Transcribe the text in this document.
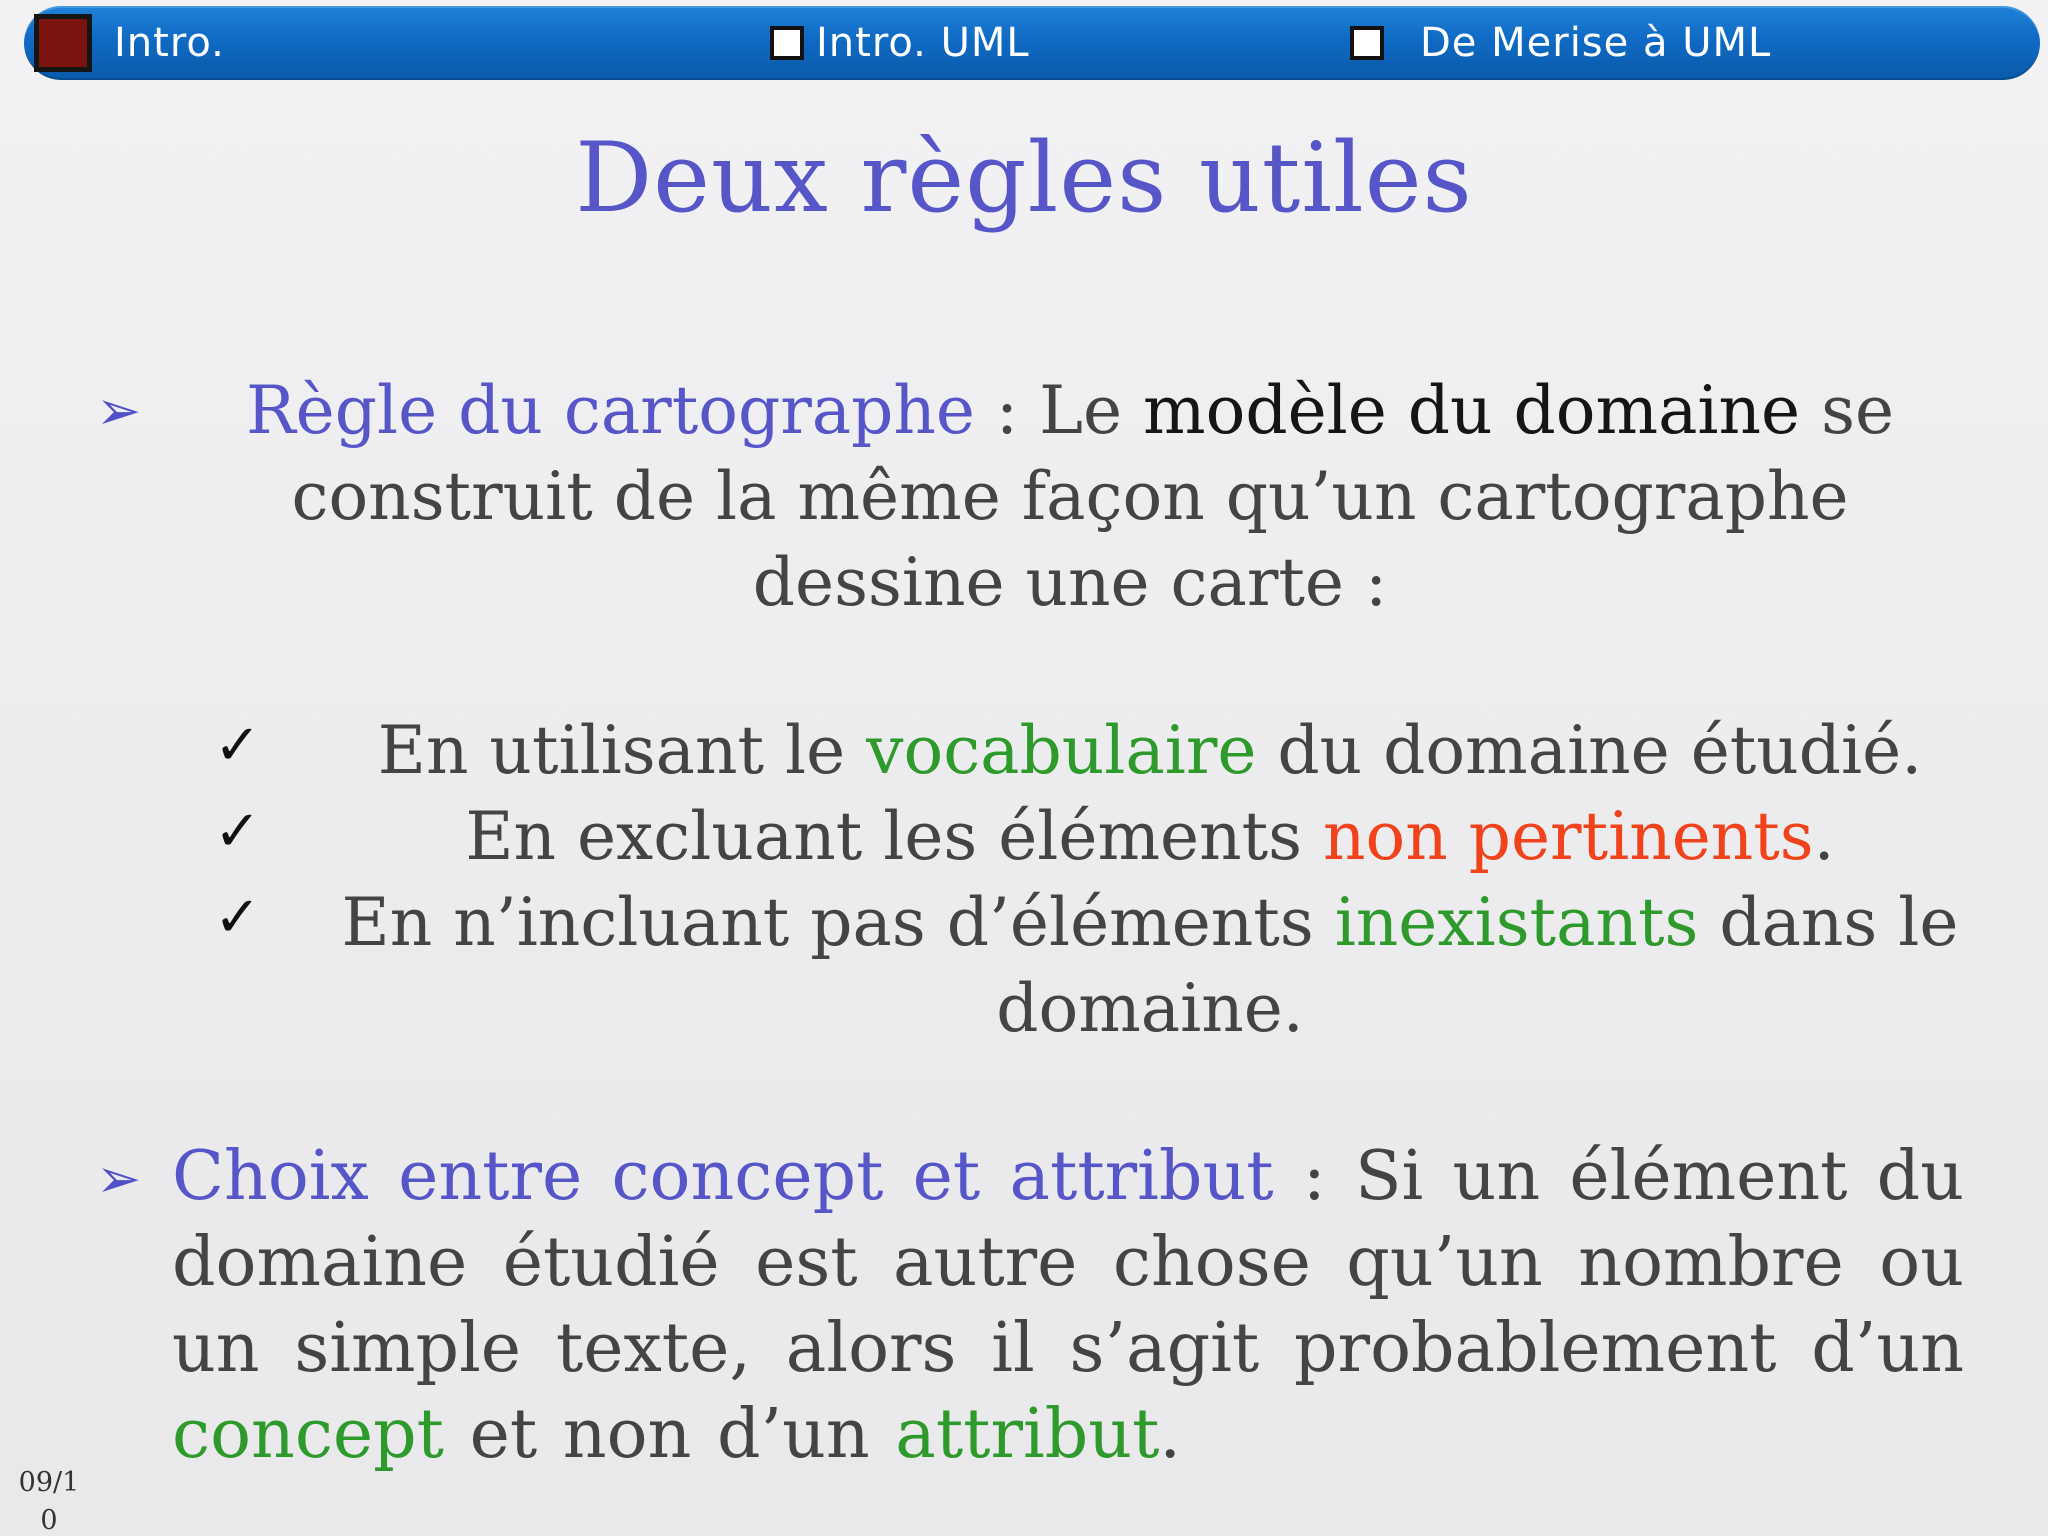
Intro.	Intro. UML	De Merise à UML
Deux règles utiles
➢	Règle du cartographe : Le modèle du domaine se construit de la même façon qu’un cartographe dessine une carte :

✓	En utilisant le vocabulaire du domaine étudié.

✓	En excluant les éléments non pertinents.

✓	En n’incluant pas d’éléments inexistants dans le domaine.

➢ Choix entre concept et attribut : Si un élément du domaine étudié est autre chose qu’un nombre ou un simple texte, alors il s’agit probablement d’un concept et non d’un attribut.

09/10
